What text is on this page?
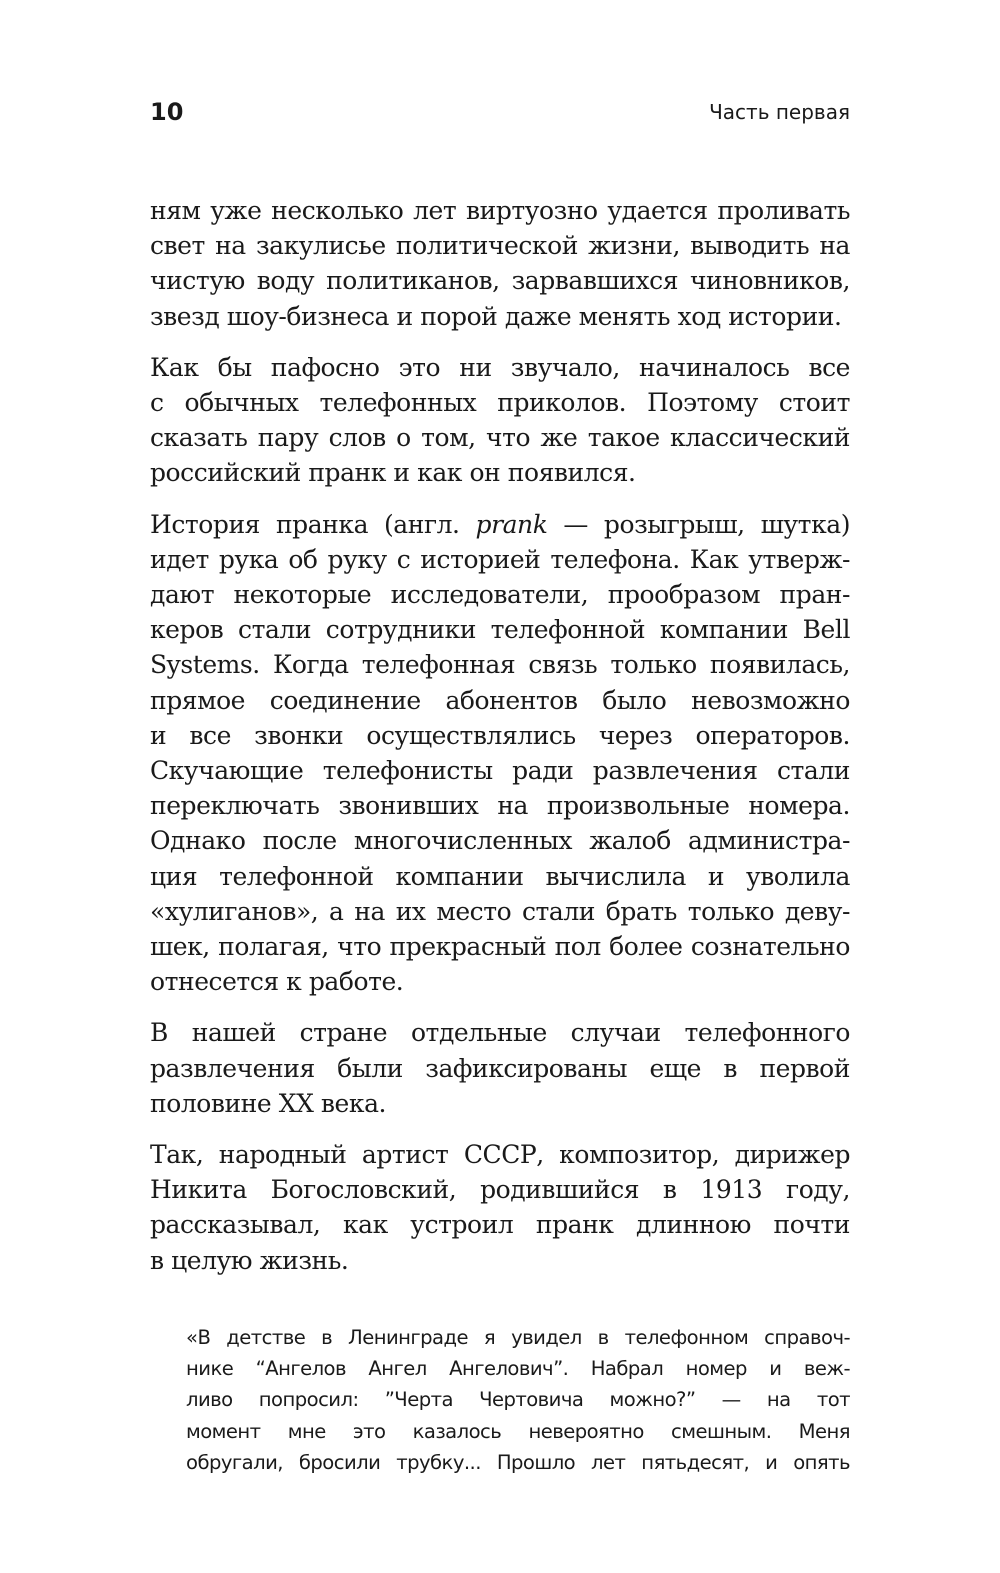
10	Часть первая

ням уже несколько лет виртуозно удается проливать
свет на закулисье политической жизни, выводить на
чистую воду политиканов, зарвавшихся чиновников,
звезд шоу-бизнеса и порой даже менять ход истории.

Как бы пафосно это ни звучало, начиналось все
с обычных телефонных приколов. Поэтому стоит
сказать пару слов о том, что же такое классический
российский пранк и как он появился.

История пранка (англ. prank — розыгрыш, шутка)
идет рука об руку с историей телефона. Как утверж-
дают некоторые исследователи, прообразом пран-
керов стали сотрудники телефонной компании Bell
Systems. Когда телефонная связь только появилась,
прямое соединение абонентов было невозможно
и все звонки осуществлялись через операторов.
Скучающие телефонисты ради развлечения стали
переключать звонивших на произвольные номера.
Однако после многочисленных жалоб администра-
ция телефонной компании вычислила и уволила
«хулиганов», а на их место стали брать только деву-
шек, полагая, что прекрасный пол более сознательно
отнесется к работе.

В нашей стране отдельные случаи телефонного
развлечения были зафиксированы еще в первой
половине XX века.

Так, народный артист СССР, композитор, дирижер
Никита Богословский, родившийся в 1913 году,
рассказывал, как устроил пранк длинною почти
в целую жизнь.

«В детстве в Ленинграде я увидел в телефонном справоч-
нике “Ангелов Ангел Ангелович”. Набрал номер и веж-
ливо попросил: ”Черта Чертовича можно?” — на тот
момент мне это казалось невероятно смешным. Меня
обругали, бросили трубку... Прошло лет пятьдесят, и опять
